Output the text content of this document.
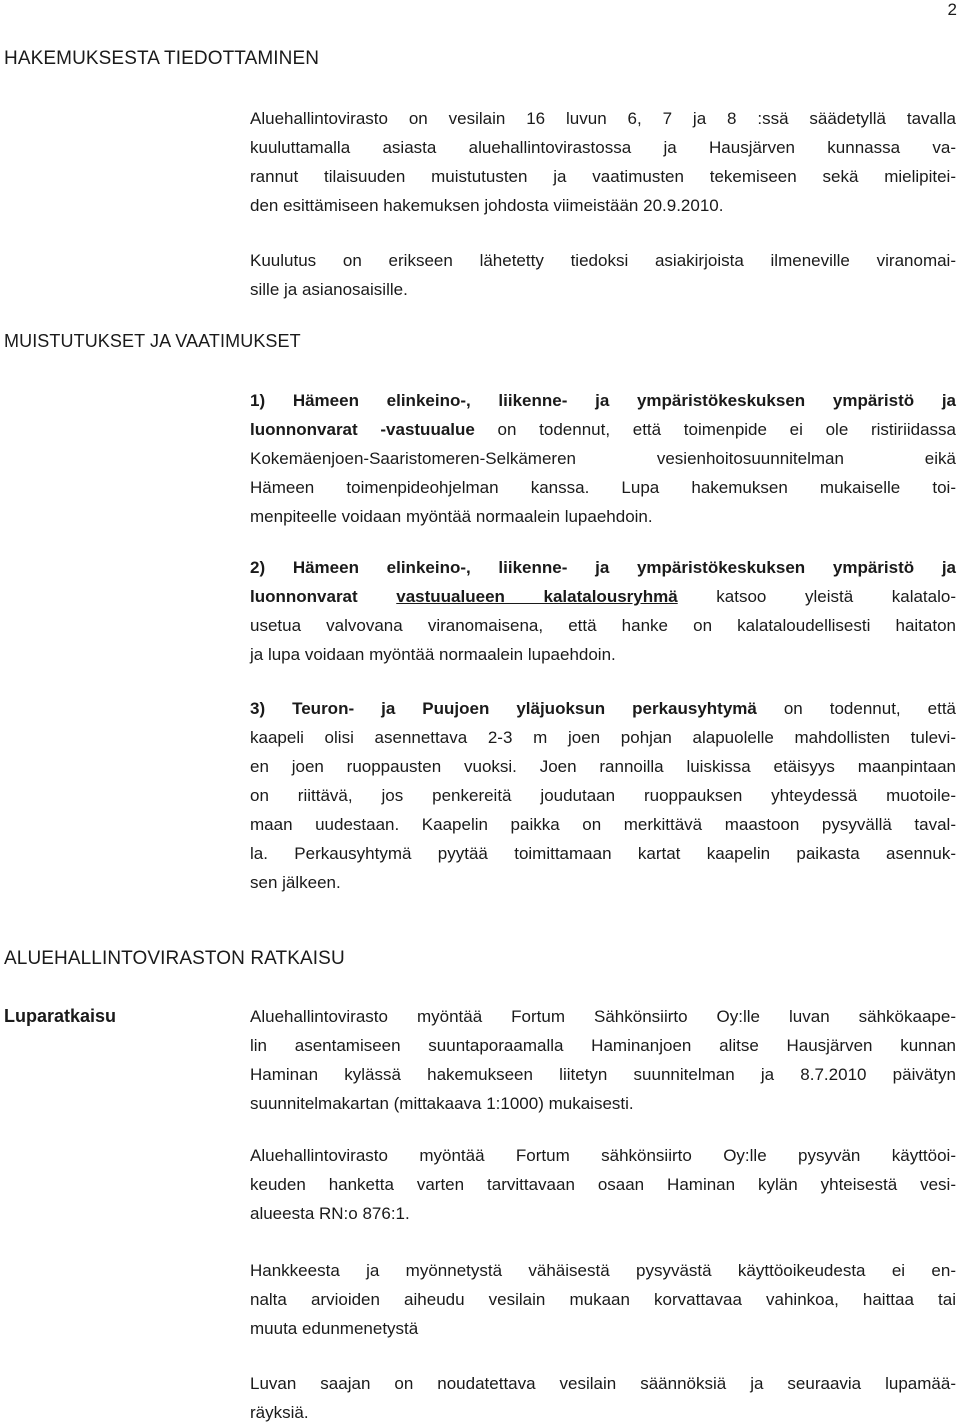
2
HAKEMUKSESTA TIEDOTTAMINEN
Aluehallintovirasto on vesilain 16 luvun 6, 7 ja 8 :ssä säädetyllä tavalla
kuuluttamalla asiasta aluehallintovirastossa ja Hausjärven kunnassa va-
rannut tilaisuuden muistutusten ja vaatimusten tekemiseen sekä mielipitei-
den esittämiseen hakemuksen johdosta viimeistään 20.9.2010.
Kuulutus on erikseen lähetetty tiedoksi asiakirjoista ilmeneville viranomai-
sille ja asianosaisille.
MUISTUTUKSET JA VAATIMUKSET
1) Hämeen elinkeino-, liikenne- ja ympäristökeskuksen ympäristö ja
luonnonvarat -vastuualue on todennut, että toimenpide ei ole ristiriidassa
Kokemäenjoen-Saaristomeren-Selkämeren vesienhoitosuunnitelman eikä
Hämeen toimenpideohjelman kanssa. Lupa hakemuksen mukaiselle toi-
menpiteelle voidaan myöntää normaalein lupaehdoin.
2) Hämeen elinkeino-, liikenne- ja ympäristökeskuksen ympäristö ja
luonnonvarat vastuualueen kalatalousryhmä katsoo yleistä kalatalo-
usetua valvovana viranomaisena, että hanke on kalataloudellisesti haitaton
ja lupa voidaan myöntää normaalein lupaehdoin.
3) Teuron- ja Puujoen yläjuoksun perkausyhtymä on todennut, että
kaapeli olisi asennettava 2-3 m joen pohjan alapuolelle mahdollisten tulevi-
en joen ruoppausten vuoksi. Joen rannoilla luiskissa etäisyys maanpintaan
on riittävä, jos penkereitä joudutaan ruoppauksen yhteydessä muotoile-
maan uudestaan. Kaapelin paikka on merkittävä maastoon pysyvällä taval-
la. Perkausyhtymä pyytää toimittamaan kartat kaapelin paikasta asennuk-
sen jälkeen.
ALUEHALLINTOVIRASTON RATKAISU
Luparatkaisu	Aluehallintovirasto myöntää Fortum Sähkönsiirto Oy:lle luvan sähkökaape-
lin asentamiseen suuntaporaamalla Haminanjoen alitse Hausjärven kunnan
Haminan kylässä hakemukseen liitetyn suunnitelman ja 8.7.2010 päivätyn
suunnitelmakartan (mittakaava 1:1000) mukaisesti.
Aluehallintovirasto myöntää Fortum sähkönsiirto Oy:lle pysyvän käyttöoi-
keuden hanketta varten tarvittavaan osaan Haminan kylän yhteisestä vesi-
alueesta RN:o 876:1.
Hankkeesta ja myönnetystä vähäisestä pysyvästä käyttöoikeudesta ei en-
nalta arvioiden aiheudu vesilain mukaan korvattavaa vahinkoa, haittaa tai
muuta edunmenetystä
Luvan saajan on noudatettava vesilain säännöksiä ja seuraavia lupamää-
räyksiä.
